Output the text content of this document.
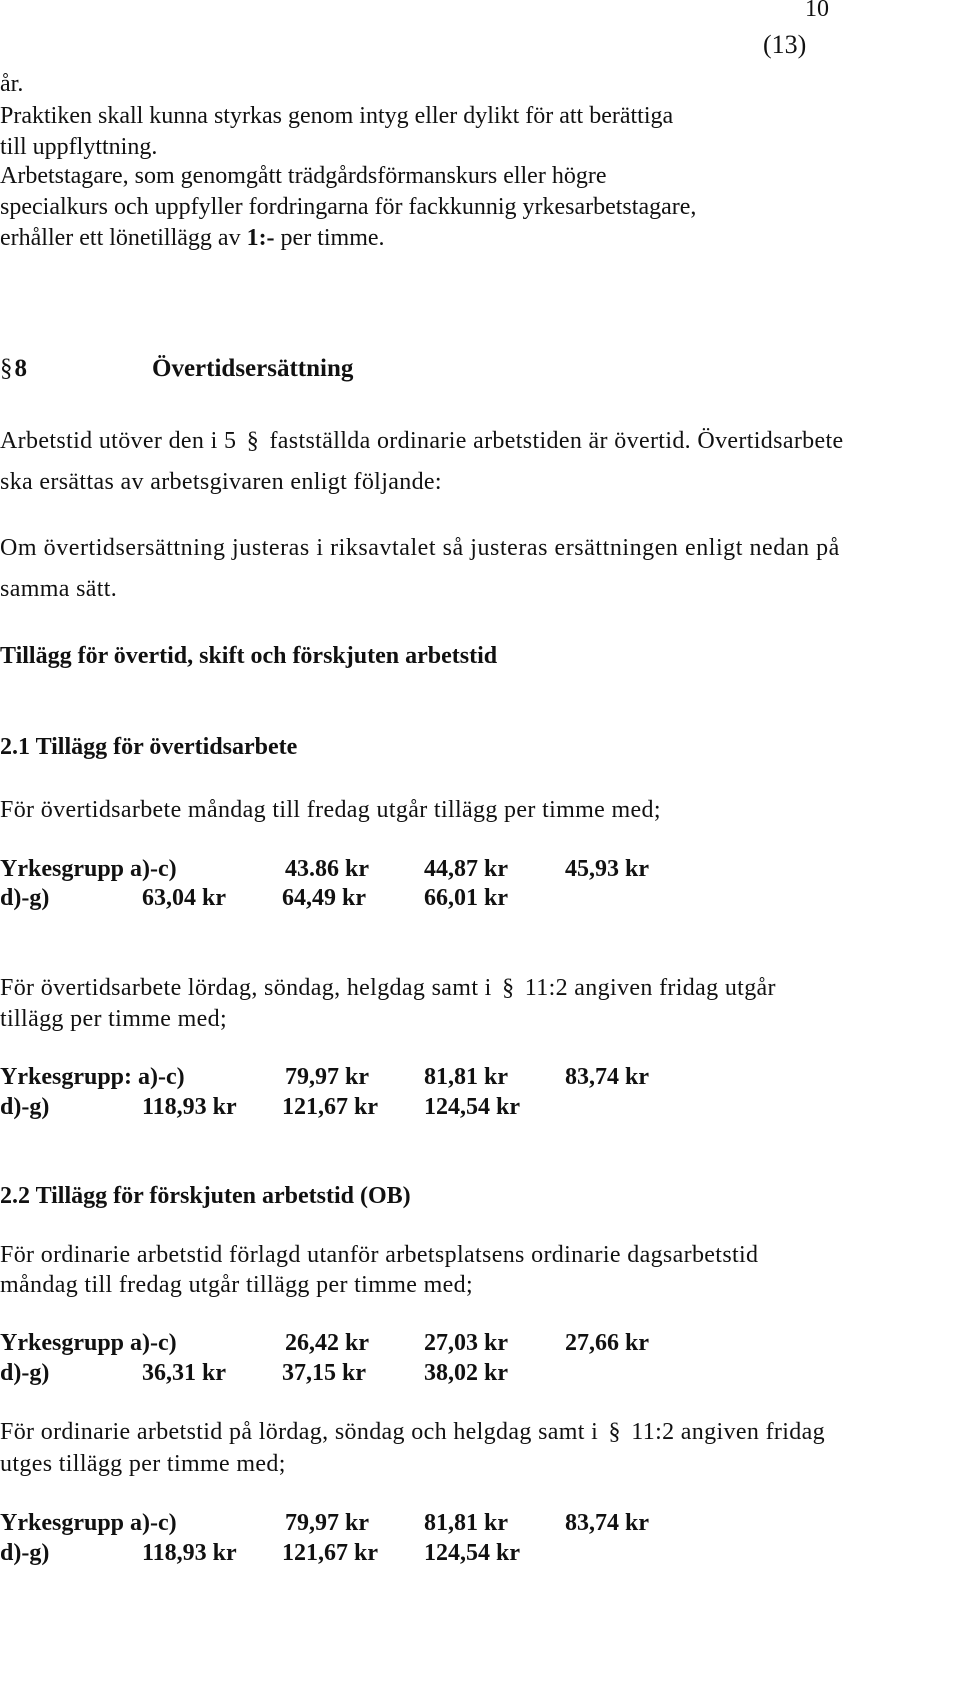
10
(13)
år.
Praktiken skall kunna styrkas genom intyg eller dylikt för att berättiga
till uppflyttning.
Arbetstagare, som genomgått trädgårdsförmanskurs eller högre
specialkurs och uppfyller fordringarna för fackkunnig yrkesarbetstagare,
erhåller ett lönetillägg av 1:- per timme.
§8	Övertidsersättning
Arbetstid utöver den i 5 § fastställda ordinarie arbetstiden är övertid. Övertidsarbete
ska ersättas av arbetsgivaren enligt följande:
Om övertidsersättning justeras i riksavtalet så justeras ersättningen enligt nedan på
samma sätt.
Tillägg för övertid, skift och förskjuten arbetstid
2.1 Tillägg för övertidsarbete
För övertidsarbete måndag till fredag utgår tillägg per timme med;
Yrkesgrupp a)-c)	43.86 kr 44,87 kr 45,93 kr
d)-g)	63,04 kr 64,49 kr 66,01 kr
För övertidsarbete lördag, söndag, helgdag samt i § 11:2 angiven fridag utgår
tillägg per timme med;
Yrkesgrupp: a)-c)	79,97 kr 81,81 kr 83,74 kr
d)-g)	118,93 kr 121,67 kr 124,54 kr
2.2 Tillägg för förskjuten arbetstid (OB)
För ordinarie arbetstid förlagd utanför arbetsplatsens ordinarie dagsarbetstid
måndag till fredag utgår tillägg per timme med;
Yrkesgrupp a)-c)	26,42 kr 27,03 kr 27,66 kr
d)-g)	36,31 kr 37,15 kr 38,02 kr
För ordinarie arbetstid på lördag, söndag och helgdag samt i § 11:2 angiven fridag
utges tillägg per timme med;
Yrkesgrupp a)-c)	79,97 kr 81,81 kr 83,74 kr
d)-g)	118,93 kr 121,67 kr 124,54 kr
